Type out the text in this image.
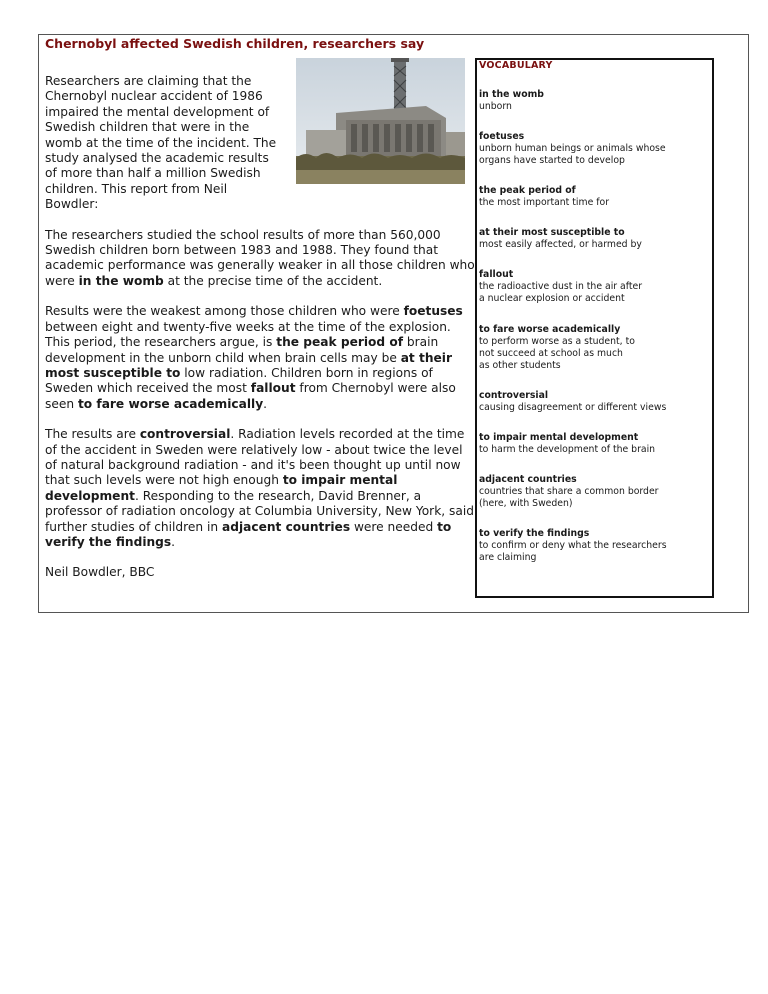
Chernobyl affected Swedish children, researchers say

Researchers are claiming that the Chernobyl nuclear accident of 1986 impaired the mental development of Swedish children that were in the womb at the time of the incident. The study analysed the academic results of more than half a million Swedish children. This report from Neil Bowdler:

The researchers studied the school results of more than 560,000 Swedish children born between 1983 and 1988. They found that academic performance was generally weaker in all those children who were in the womb at the precise time of the accident.

Results were the weakest among those children who were foetuses between eight and twenty-five weeks at the time of the explosion. This period, the researchers argue, is the peak period of brain development in the unborn child when brain cells may be at their most susceptible to low radiation. Children born in regions of Sweden which received the most fallout from Chernobyl were also seen to fare worse academically.

The results are controversial. Radiation levels recorded at the time of the accident in Sweden were relatively low - about twice the level of natural background radiation - and it's been thought up until now that such levels were not high enough to impair mental development. Responding to the research, David Brenner, a professor of radiation oncology at Columbia University, New York, said further studies of children in adjacent countries were needed to verify the findings.

Neil Bowdler, BBC

VOCABULARY
in the womb
unborn
foetuses
unborn human beings or animals whose
organs have started to develop
the peak period of
the most important time for
at their most susceptible to
most easily affected, or harmed by
fallout
the radioactive dust in the air after
a nuclear explosion or accident
to fare worse academically
to perform worse as a student, to
not succeed at school as much
as other students
controversial
causing disagreement or different views
to impair mental development
to harm the development of the brain
adjacent countries
countries that share a common border
(here, with Sweden)
to verify the findings
to confirm or deny what the researchers
are claiming
